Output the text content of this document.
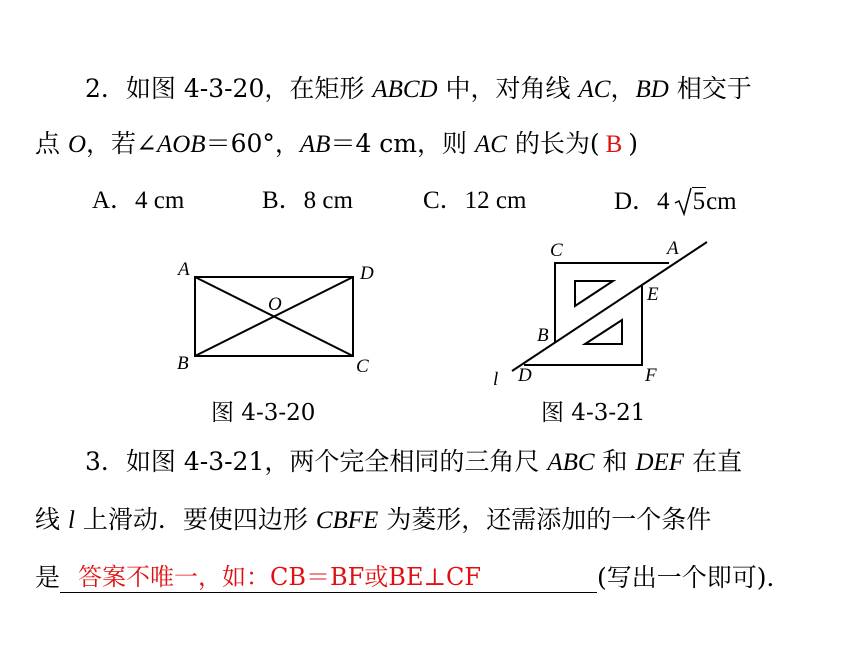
2．如图 4-3-20，在矩形 ABCD 中，对角线 AC，BD 相交于
点 O，若∠AOB＝60°，AB＝4 cm，则 AC 的长为( B )
A．4 cm	B．8 cm	C．12 cm	D．4 5cm
A	D
O
B	C
C	A
E
B
D	F
l
图 4-3-20	图 4-3-21
3．如图 4-3-21，两个完全相同的三角尺 ABC 和 DEF 在直
线 l 上滑动．要使四边形 CBFE 为菱形，还需添加的一个条件
是 答案不唯一，如：CB＝BF或BE⊥CF	(写出一个即可)．
